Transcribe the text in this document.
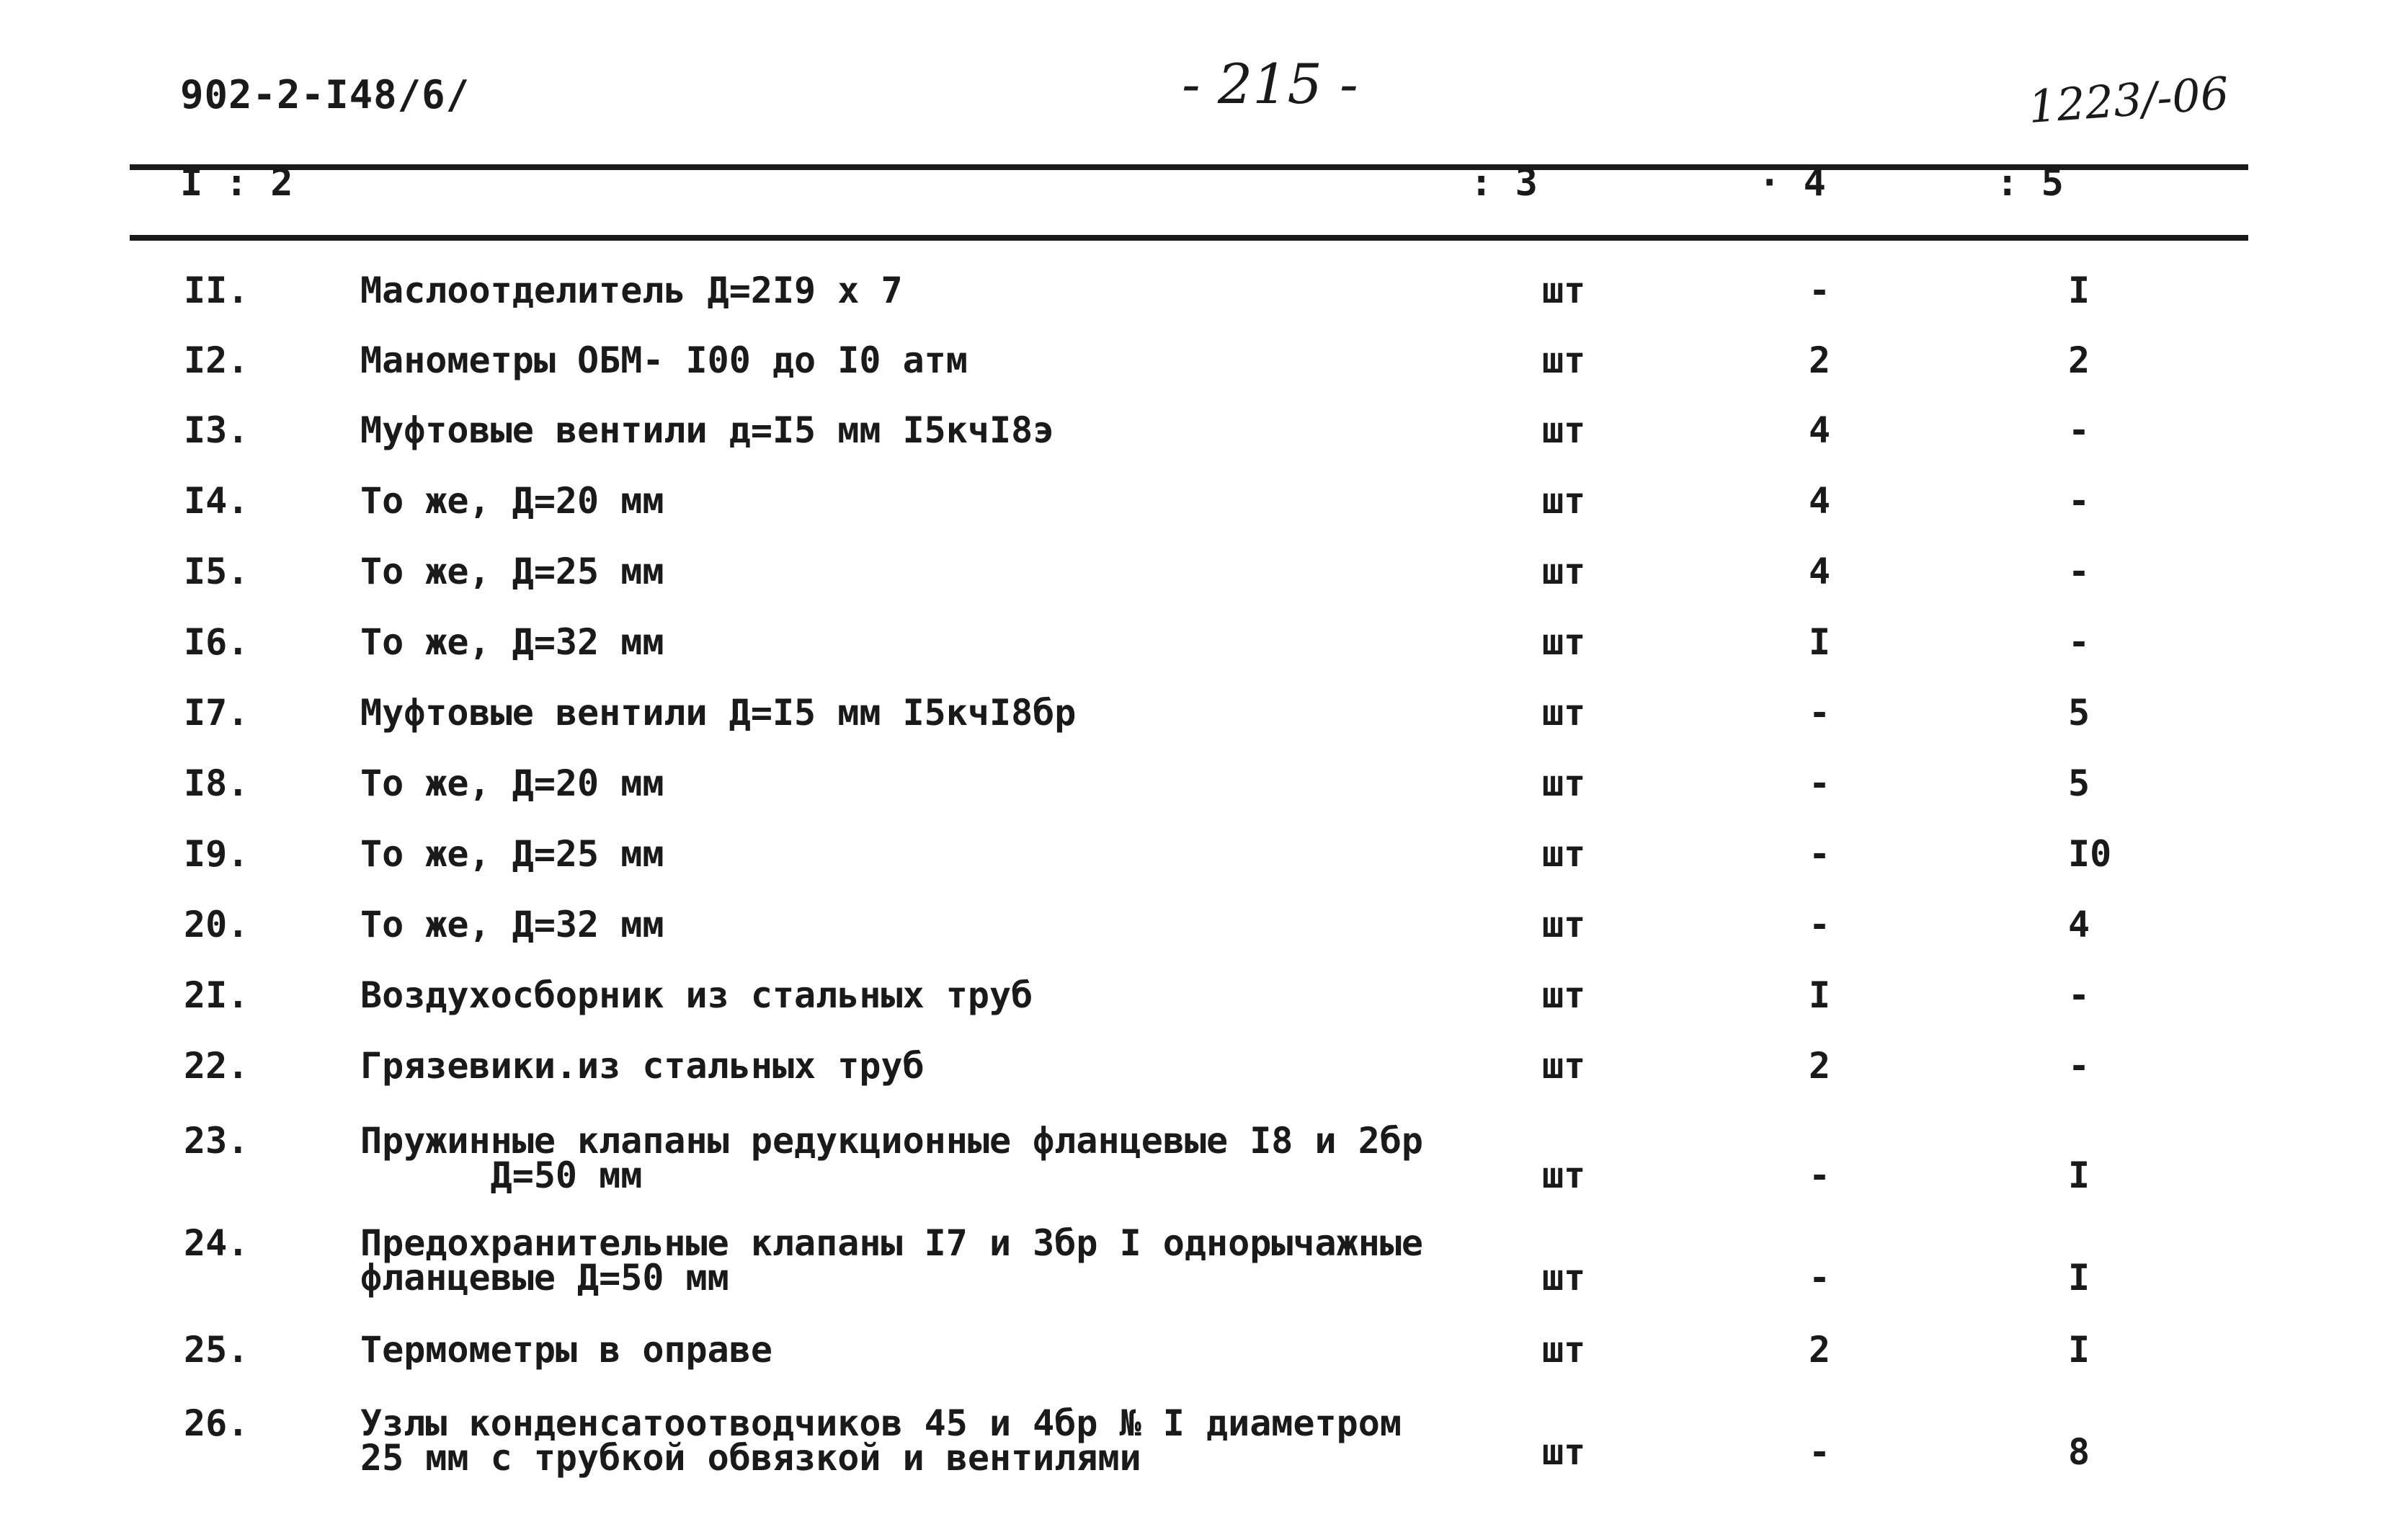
902-2-I48/6/	- 215 -	1223/-06
I : 2	: 3	· 4	: 5
II.	Маслоотделитель Д=2I9 х 7	шт	-	I
I2.	Манометры ОБМ- I00 до I0 атм	шт	2	2
I3.	Муфтовые вентили д=I5 мм I5кчI8э	шт	4	-
I4.	То же, Д=20 мм	шт	4	-
I5.	То же, Д=25 мм	шт	4	-
I6.	То же, Д=32 мм	шт	I	-
I7.	Муфтовые вентили Д=I5 мм I5кчI8бр	шт	-	5
I8.	То же, Д=20 мм	шт	-	5
I9.	То же, Д=25 мм	шт	-	I0
20.	То же, Д=32 мм	шт	-	4
2I.	Воздухосборник из стальных труб	шт	I	-
22.	Грязевики.из стальных труб	шт	2	-
23.	Пружинные клапаны редукционные фланцевые I8 и 2бр
Д=50 мм	шт	-	I
24.	Предохранительные клапаны I7 и 3бр I однорычажные
фланцевые Д=50 мм	шт	-	I
25.	Термометры в оправе	шт	2	I
26.	Узлы конденсатоотводчиков 45 и 4бр № I диаметром
25 мм с трубкой обвязкой и вентилями	шт	-	8
